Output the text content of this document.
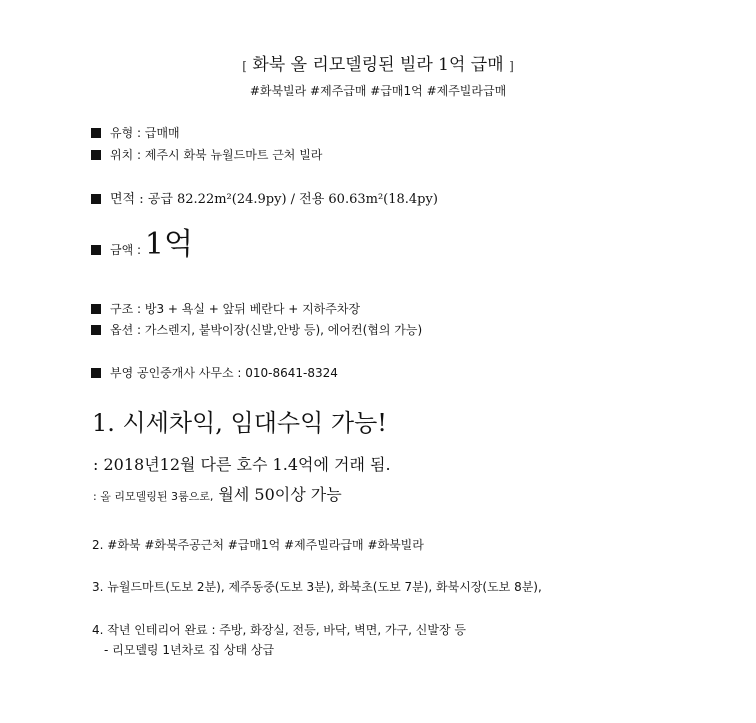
[ 화북 올 리모델링된 빌라 1억 급매 ]
#화북빌라 #제주급매 #급매1억 #제주빌라급매
유형 : 급매매
위치 : 제주시 화북 뉴월드마트 근처 빌라
면적 : 공급 82.22m²(24.9py) / 전용 60.63m²(18.4py)
금액 : 1억
구조 : 방3 + 욕실 + 앞뒤 베란다 + 지하주차장
옵션 : 가스렌지, 붙박이장(신발,안방 등), 에어컨(협의 가능)
부영 공인중개사 사무소 : 010-8641-8324
1. 시세차익, 임대수익 가능!
: 2018년12월 다른 호수 1.4억에 거래 됨.
: 올 리모델링된 3룸으로, 월세 50이상 가능
2. #화북 #화북주공근처 #급매1억 #제주빌라급매 #화북빌라
3. 뉴월드마트(도보 2분), 제주동중(도보 3분), 화북초(도보 7분), 화북시장(도보 8분),
4. 작년 인테리어 완료 : 주방, 화장실, 전등, 바닥, 벽면, 가구, 신발장 등
- 리모델링 1년차로 집 상태 상급
